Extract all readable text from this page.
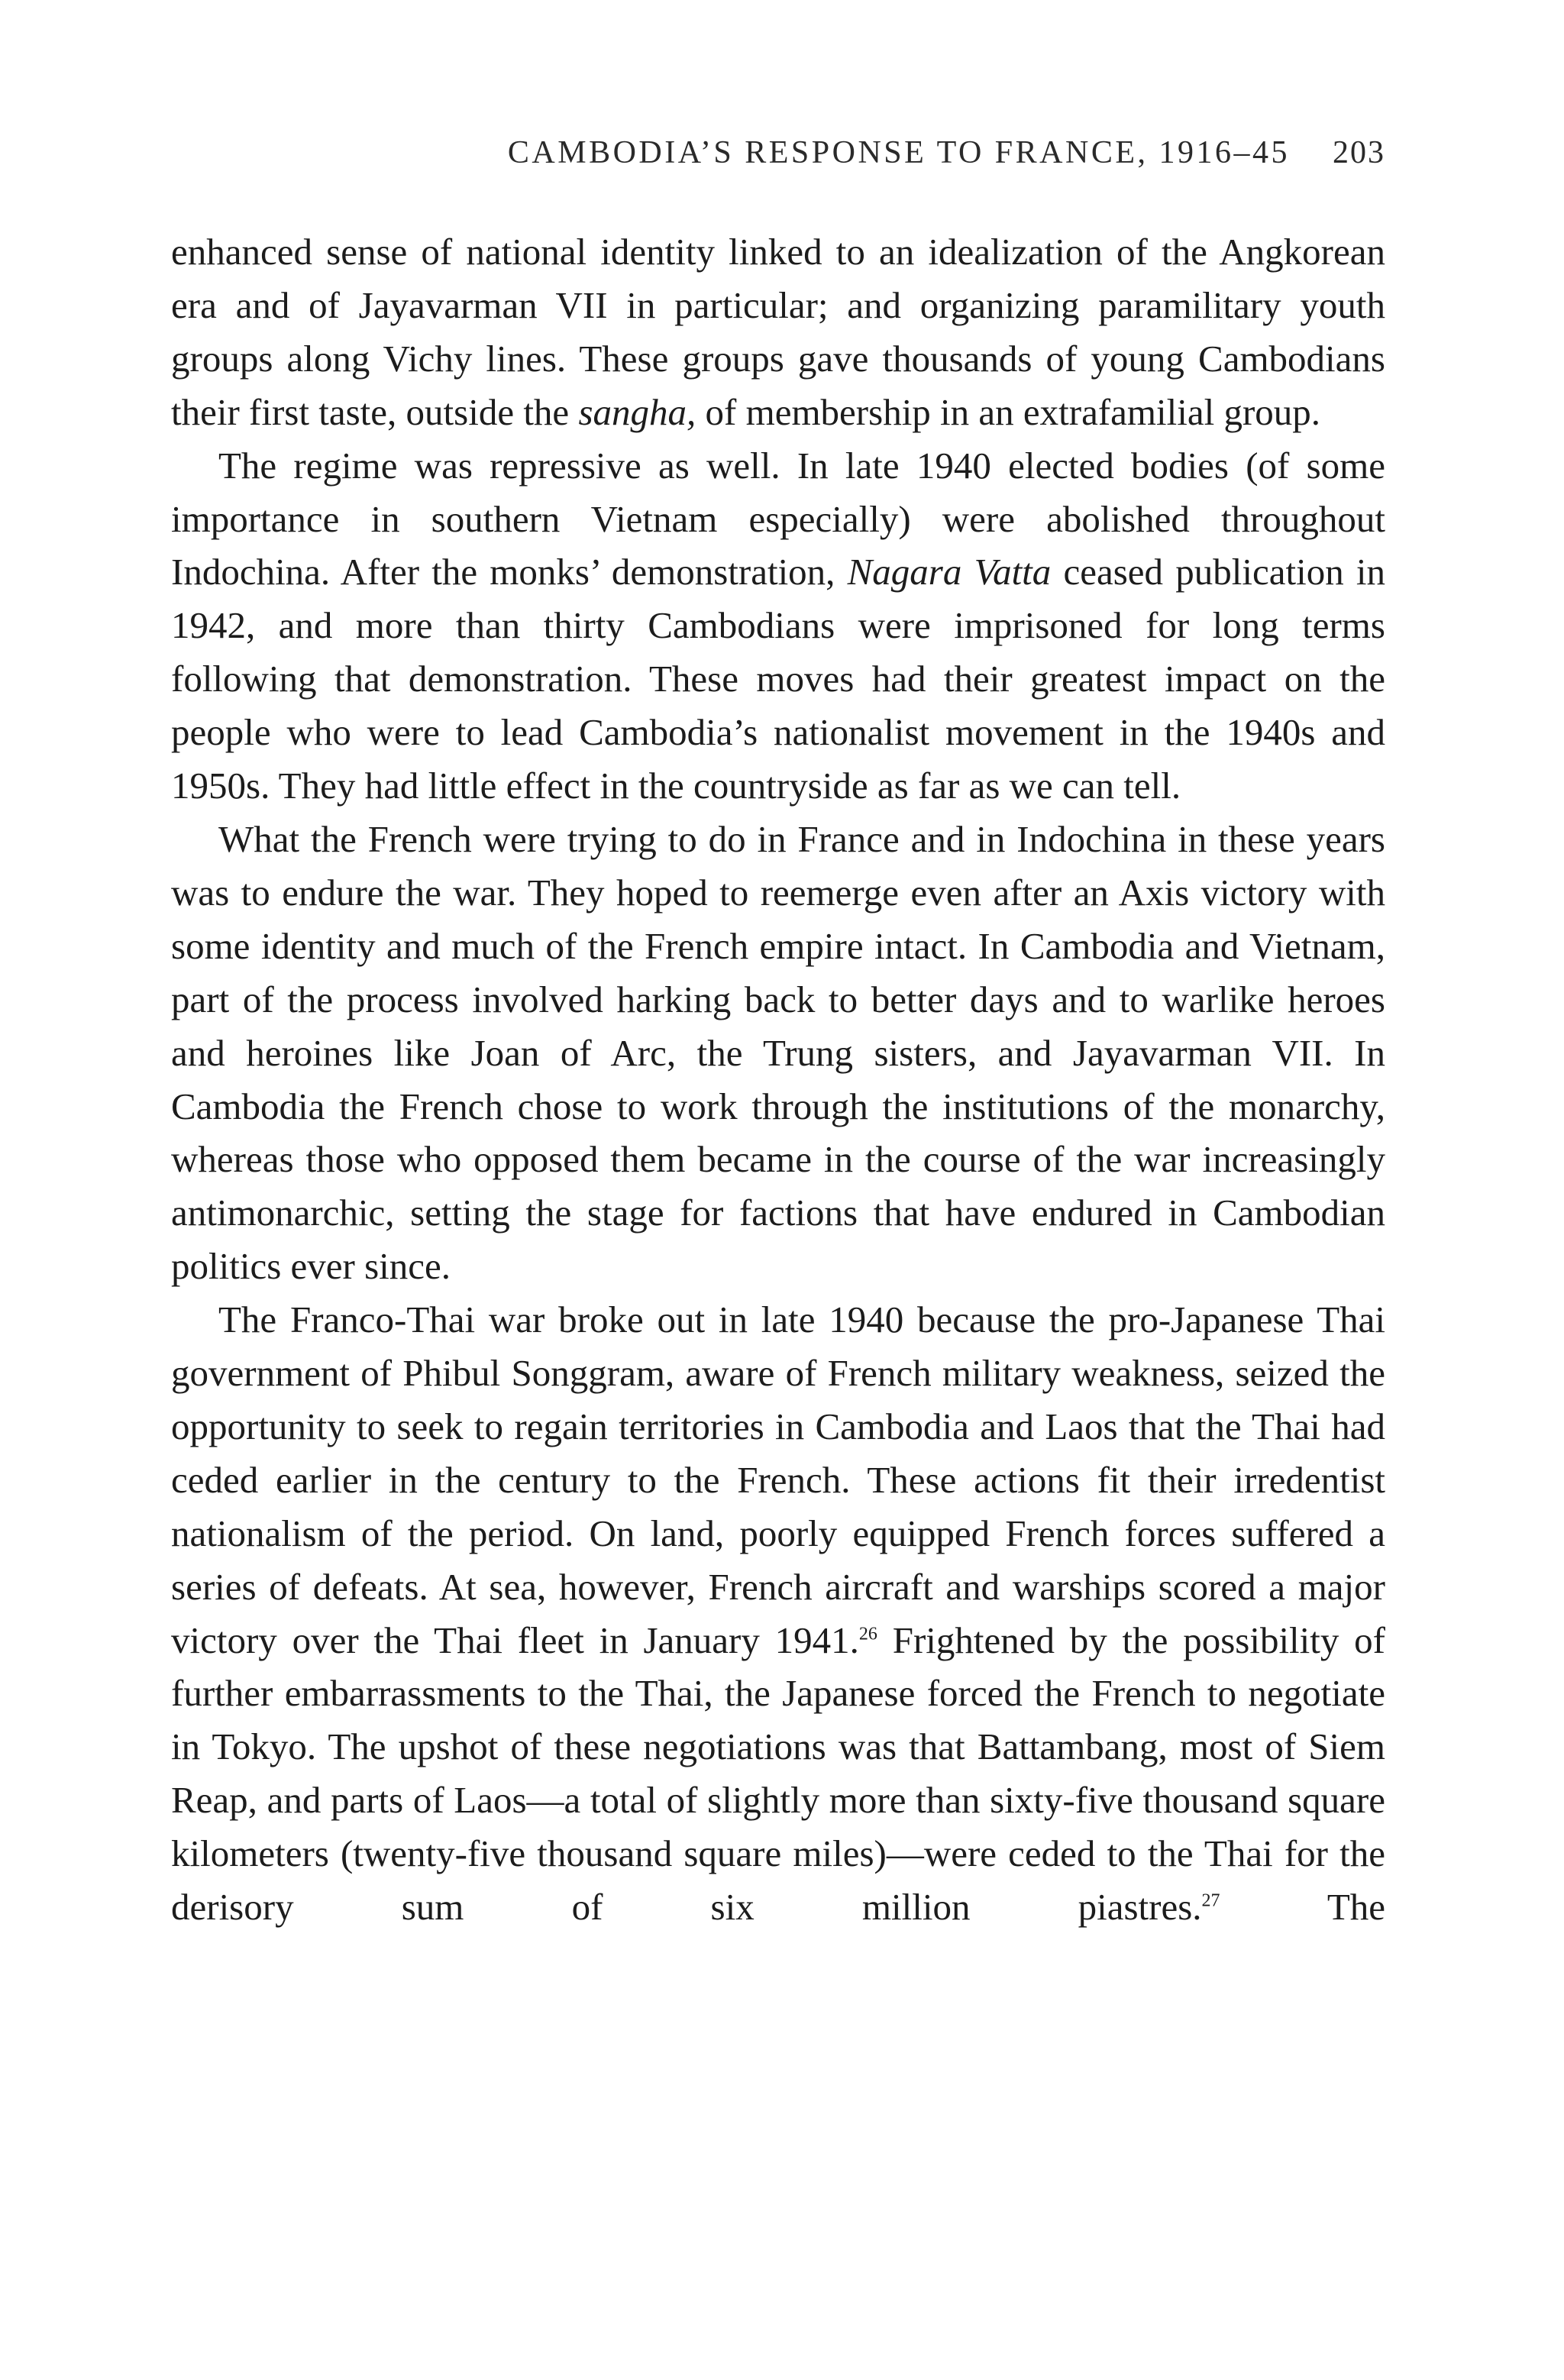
CAMBODIA’S RESPONSE TO FRANCE, 1916–45 203

enhanced sense of national identity linked to an idealization of the Angkorean era and of Jayavarman VII in particular; and organizing paramilitary youth groups along Vichy lines. These groups gave thousands of young Cambodians their first taste, outside the sangha, of membership in an extrafamilial group.

The regime was repressive as well. In late 1940 elected bodies (of some importance in southern Vietnam especially) were abolished throughout Indochina. After the monks’ demonstration, Nagara Vatta ceased publication in 1942, and more than thirty Cambodians were imprisoned for long terms following that demonstration. These moves had their greatest impact on the people who were to lead Cambodia’s nationalist movement in the 1940s and 1950s. They had little effect in the countryside as far as we can tell.

What the French were trying to do in France and in Indochina in these years was to endure the war. They hoped to reemerge even after an Axis victory with some identity and much of the French empire intact. In Cambodia and Vietnam, part of the process involved harking back to better days and to warlike heroes and heroines like Joan of Arc, the Trung sisters, and Jayavarman VII. In Cambodia the French chose to work through the institutions of the monarchy, whereas those who opposed them became in the course of the war increasingly antimonarchic, setting the stage for factions that have endured in Cambodian politics ever since.

The Franco-Thai war broke out in late 1940 because the pro-Japanese Thai government of Phibul Songgram, aware of French military weakness, seized the opportunity to seek to regain territories in Cambodia and Laos that the Thai had ceded earlier in the century to the French. These actions fit their irredentist nationalism of the period. On land, poorly equipped French forces suffered a series of defeats. At sea, however, French aircraft and warships scored a major victory over the Thai fleet in January 1941.26 Frightened by the possibility of further embarrassments to the Thai, the Japanese forced the French to negotiate in Tokyo. The upshot of these negotiations was that Battambang, most of Siem Reap, and parts of Laos—a total of slightly more than sixty-five thousand square kilometers (twenty-five thousand square miles)—were ceded to the Thai for the derisory sum of six million piastres.$^{27}$ The
